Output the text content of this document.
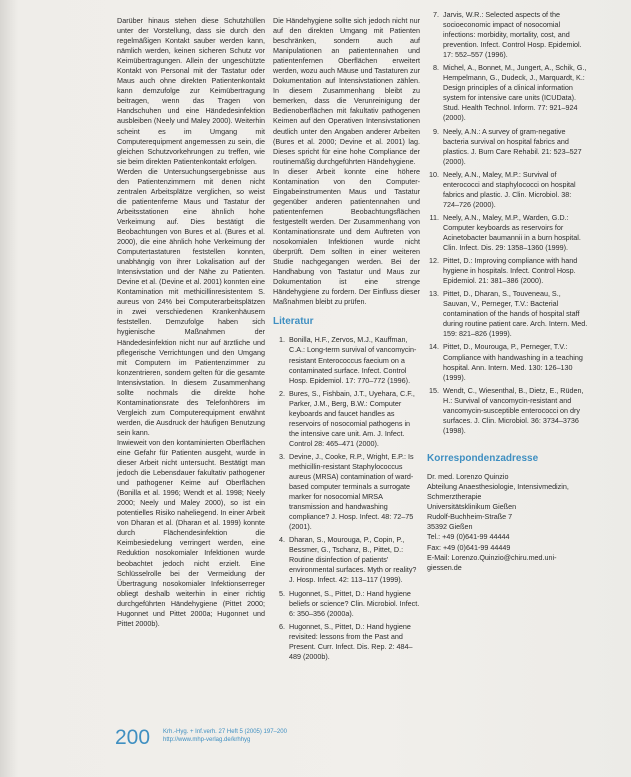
Darüber hinaus stehen diese Schutzhüllen unter der Vorstellung, dass sie durch den regelmäßigen Kontakt sauber werden kann, nämlich werden, keinen sicheren Schutz vor Keimübertragungen. Allein der ungeschützte Kontakt von Personal mit der Tastatur oder Maus auch ohne direkten Patientenkontakt kann demzufolge zur Keimübertragung beitragen, wenn das Tragen von Handschuhen und eine Händedesinfektion ausbleiben (Neely und Maley 2000). Weiterhin scheint es im Umgang mit Computerequipment angemessen zu sein, die gleichen Schutzvorkehrungen zu treffen, wie sie beim direkten Patientenkontakt erfolgen.

Werden die Untersuchungsergebnisse aus den Patientenzimmern mit denen nicht zentralen Arbeitsplätze verglichen, so weist die patientenferne Maus und Tastatur der Arbeitsstationen eine ähnlich hohe Verkeimung auf. Dies bestätigt die Beobachtungen von Bures et al. (Bures et al. 2000), die eine ähnlich hohe Verkeimung der Computertastaturen feststellen konnten, unabhängig von ihrer Lokalisation auf der Intensivstation und der Nähe zu Patienten. Devine et al. (Devine et al. 2001) konnten eine Kontamination mit methicillinresistentem S. aureus von 24% bei Computerarbeitsplätzen in zwei verschiedenen Krankenhäusern feststellen. Demzufolge haben sich hygienische Maßnahmen der Händedesinfektion nicht nur auf ärztliche und pflegerische Verrichtungen und den Umgang mit Computern im Patientenzimmer zu konzentrieren, sondern gelten für die gesamte Intensivstation. In diesem Zusammenhang sollte nochmals die direkte hohe Kontaminationsrate des Telefonhörers im Vergleich zum Computerequipment erwähnt werden, die Ausdruck der häufigen Benutzung sein kann.

Inwieweit von den kontaminierten Oberflächen eine Gefahr für Patienten ausgeht, wurde in dieser Arbeit nicht untersucht. Bestätigt man jedoch die Lebensdauer fakultativ pathogener und pathogener Keime auf Oberflächen (Bonilla et al. 1996; Wendt et al. 1998; Neely 2000; Neely und Maley 2000), so ist ein potentielles Risiko naheliegend. In einer Arbeit von Dharan et al. (Dharan et al. 1999) konnte durch Flächendesinfektion die Keimbesiedelung verringert werden, eine Reduktion nosokomialer Infektionen wurde beobachtet jedoch nicht erzielt. Eine Schlüsselrolle bei der Vermeidung der Übertragung nosokomialer Infektionserreger obliegt deshalb weiterhin in einer richtig durchgeführten Händehygiene (Pittet 2000; Hugonnet und Pittet 2000a; Hugonnet und Pittet 2000b).

Die Händehygiene sollte sich jedoch nicht nur auf den direkten Umgang mit Patienten beschränken, sondern auch auf Manipulationen an patientennahen und patientenfernen Oberflächen erweitert werden, wozu auch Mäuse und Tastaturen zur Dokumentation auf Intensivstationen zählen. In diesem Zusammenhang bleibt zu bemerken, dass die Verunreinigung der Bedienoberflächen mit fakultativ pathogenen Keimen auf den Operativen Intensivstationen deutlich unter den Angaben anderer Arbeiten (Bures et al. 2000; Devine et al. 2001) lag. Dieses spricht für eine hohe Compliance der routinemäßig durchgeführten Händehygiene.

In dieser Arbeit konnte eine höhere Kontamination von den Computer-Eingabeinstrumenten Maus und Tastatur gegenüber anderen patientennahen und patientenfernen Beobachtungsflächen festgestellt werden. Der Zusammenhang von Kontaminationsrate und dem Auftreten von nosokomialen Infektionen wurde nicht überprüft. Dem sollten in einer weiteren Studie nachgegangen werden. Bei der Handhabung von Tastatur und Maus zur Dokumentation ist eine strenge Händehygiene zu fordern. Der Einfluss dieser Maßnahmen bleibt zu prüfen.

Literatur
1. Bonilla, H.F., Zervos, M.J., Kauffman, C.A.: Long-term survival of vancomycin-resistant Enterococcus faecium on a contaminated surface. Infect. Control Hosp. Epidemiol. 17: 770–772 (1996).
2. Bures, S., Fishbain, J.T., Uyehara, C.F., Parker, J.M., Berg, B.W.: Computer keyboards and faucet handles as reservoirs of nosocomial pathogens in the intensive care unit. Am. J. Infect. Control 28: 465–471 (2000).
3. Devine, J., Cooke, R.P., Wright, E.P.: Is methicillin-resistant Staphylococcus aureus (MRSA) contamination of ward-based computer terminals a surrogate marker for nosocomial MRSA transmission and handwashing compliance? J. Hosp. Infect. 48: 72–75 (2001).
4. Dharan, S., Mourouga, P., Copin, P., Bessmer, G., Tschanz, B., Pittet, D.: Routine disinfection of patients' environmental surfaces. Myth or reality? J. Hosp. Infect. 42: 113–117 (1999).
5. Hugonnet, S., Pittet, D.: Hand hygiene beliefs or science? Clin. Microbiol. Infect. 6: 350–356 (2000a).
6. Hugonnet, S., Pittet, D.: Hand hygiene revisited: lessons from the Past and Present. Curr. Infect. Dis. Rep. 2: 484–489 (2000b).
7. Jarvis, W.R.: Selected aspects of the socioeconomic impact of nosocomial infections: morbidity, mortality, cost, and prevention. Infect. Control Hosp. Epidemiol. 17: 552–557 (1996).
8. Michel, A., Bonnet, M., Jungert, A., Schik, G., Hempelmann, G., Dudeck, J., Marquardt, K.: Design principles of a clinical information system for intensive care units (ICUData). Stud. Health Technol. Inform. 77: 921–924 (2000).
9. Neely, A.N.: A survey of gram-negative bacteria survival on hospital fabrics and plastics. J. Burn Care Rehabil. 21: 523–527 (2000).
10. Neely, A.N., Maley, M.P.: Survival of enterococci and staphylococci on hospital fabrics and plastic. J. Clin. Microbiol. 38: 724–726 (2000).
11. Neely, A.N., Maley, M.P., Warden, G.D.: Computer keyboards as reservoirs for Acinetobacter baumannii in a burn hospital. Clin. Infect. Dis. 29: 1358–1360 (1999).
12. Pittet, D.: Improving compliance with hand hygiene in hospitals. Infect. Control Hosp. Epidemiol. 21: 381–386 (2000).
13. Pittet, D., Dharan, S., Touveneau, S., Sauvan, V., Perneger, T.V.: Bacterial contamination of the hands of hospital staff during routine patient care. Arch. Intern. Med. 159: 821–826 (1999).
14. Pittet, D., Mourouga, P., Perneger, T.V.: Compliance with handwashing in a teaching hospital. Ann. Intern. Med. 130: 126–130 (1999).
15. Wendt, C., Wiesenthal, B., Dietz, E., Rüden, H.: Survival of vancomycin-resistant and vancomycin-susceptible enterococci on dry surfaces. J. Clin. Microbiol. 36: 3734–3736 (1998).
Korrespondenzadresse
Dr. med. Lorenzo Quinzio
Abteilung Anaesthesiologie, Intensivmedizin, Schmerztherapie
Universitätsklinikum Gießen
Rudolf-Buchheim-Straße 7
35392 Gießen
Tel.: +49 (0)641-99 44444
Fax: +49 (0)641-99 44449
E-Mail: Lorenzo.Quinzio@chiru.med.uni-giessen.de
200 Krh.-Hyg. + Inf.verh. 27 Heft 5 (2005) 197–200
http://www.mhp-verlag.de/krhhyg
